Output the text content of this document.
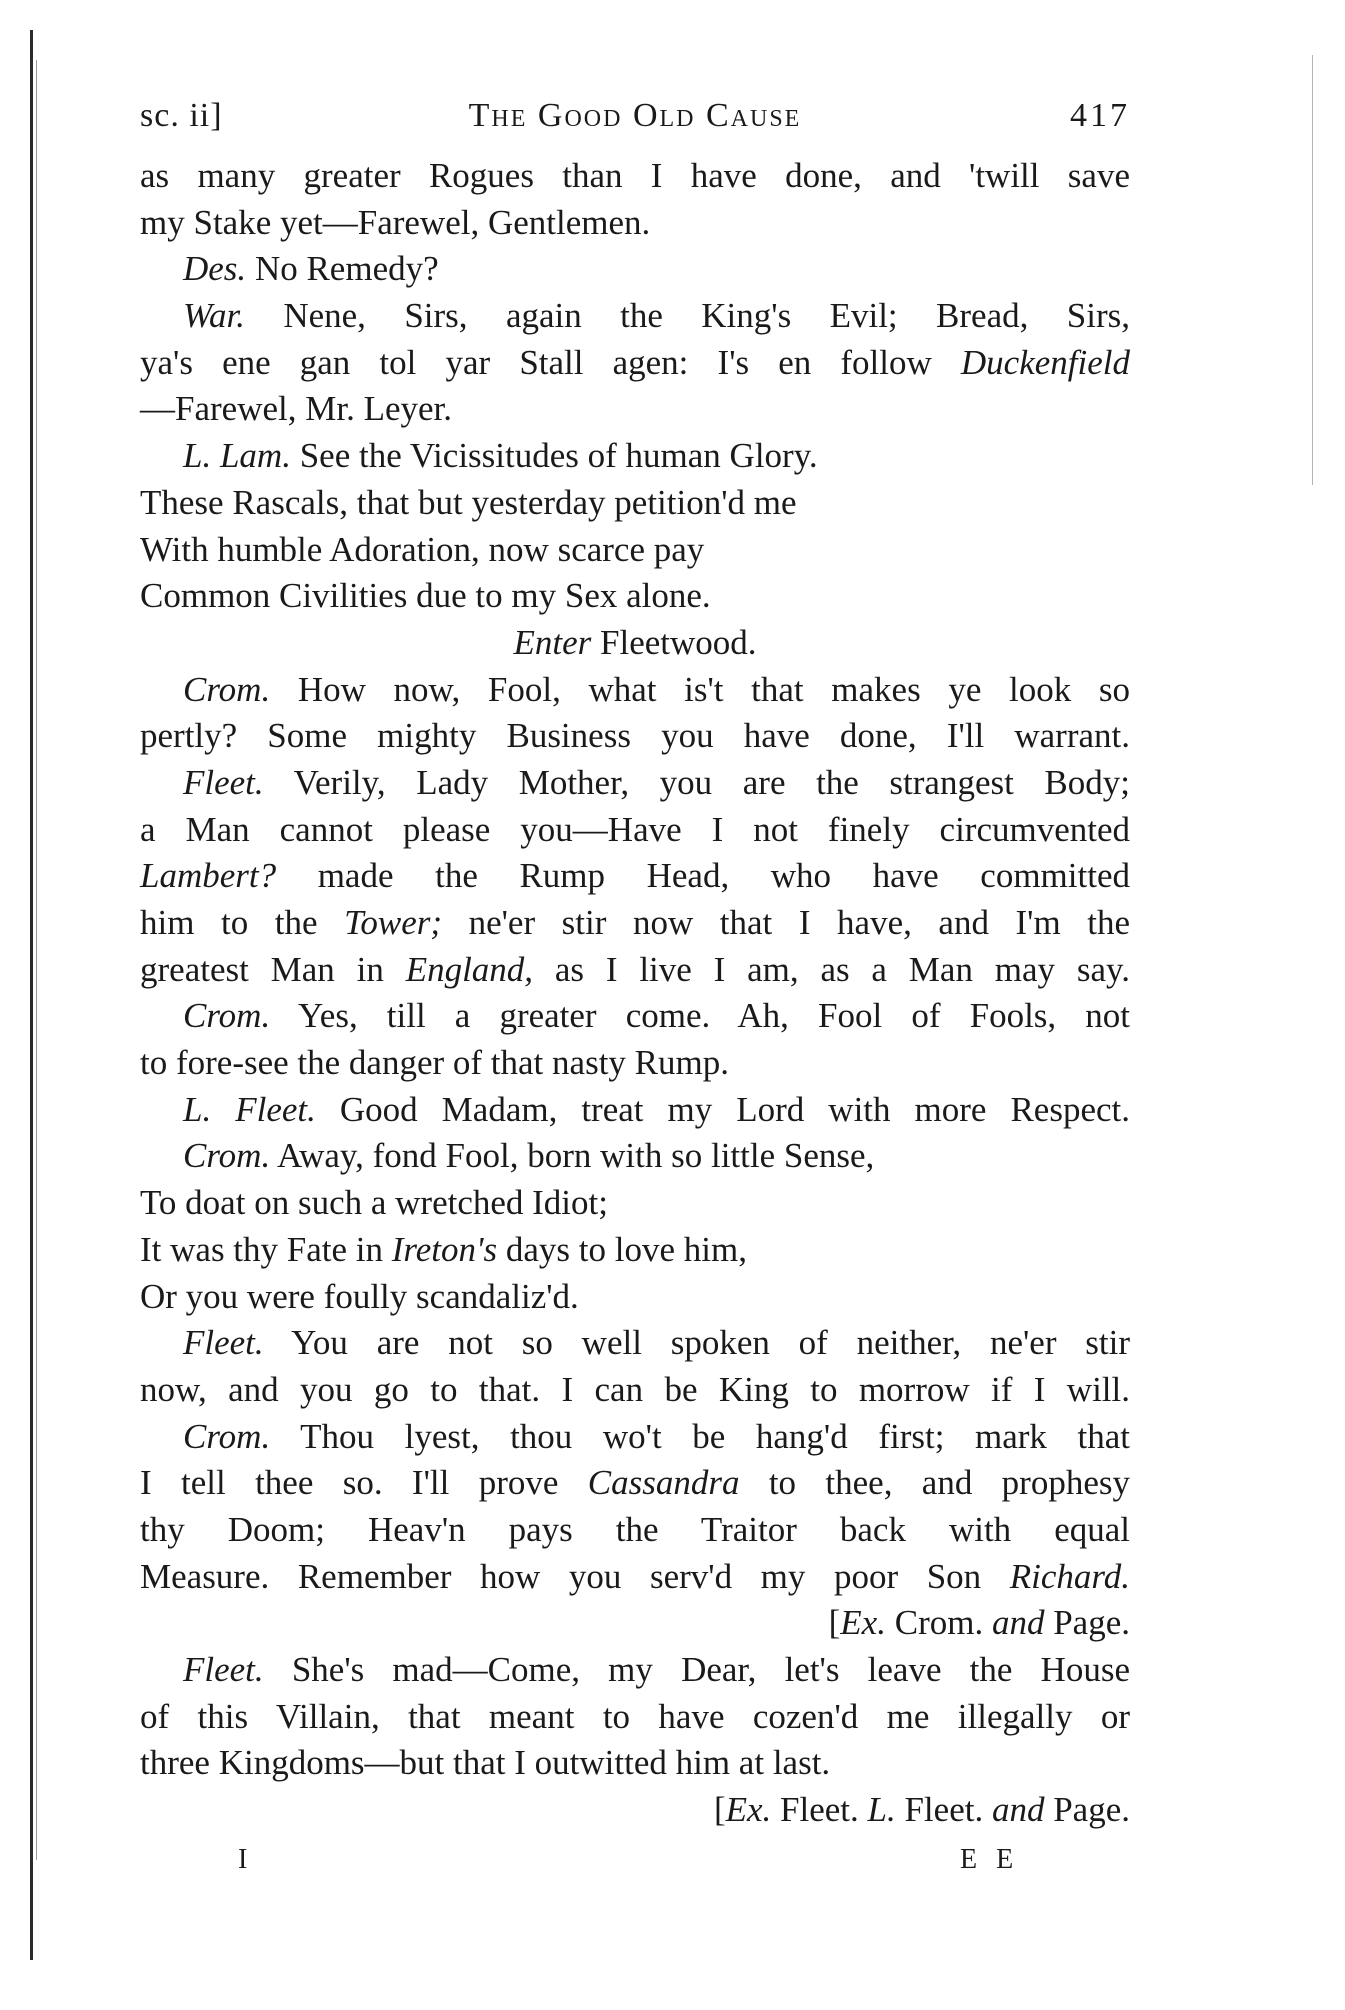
sc. ii]	The Good Old Cause	417
as many greater Rogues than I have done, and 'twill save
my Stake yet—Farewel, Gentlemen.
Des. No Remedy?
War. Nene, Sirs, again the King's Evil; Bread, Sirs,
ya's ene gan tol yar Stall agen: I's en follow Duckenfield
—Farewel, Mr. Leyer.
L. Lam. See the Vicissitudes of human Glory.
These Rascals, that but yesterday petition'd me
With humble Adoration, now scarce pay
Common Civilities due to my Sex alone.
Enter Fleetwood.
Crom. How now, Fool, what is't that makes ye look so
pertly? Some mighty Business you have done, I'll warrant.
Fleet. Verily, Lady Mother, you are the strangest Body;
a Man cannot please you—Have I not finely circumvented
Lambert? made the Rump Head, who have committed
him to the Tower; ne'er stir now that I have, and I'm the
greatest Man in England, as I live I am, as a Man may say.
Crom. Yes, till a greater come. Ah, Fool of Fools, not
to fore-see the danger of that nasty Rump.
L. Fleet. Good Madam, treat my Lord with more Respect.
Crom. Away, fond Fool, born with so little Sense,
To doat on such a wretched Idiot;
It was thy Fate in Ireton's days to love him,
Or you were foully scandaliz'd.
Fleet. You are not so well spoken of neither, ne'er stir
now, and you go to that. I can be King to morrow if I will.
Crom. Thou lyest, thou wo't be hang'd first; mark that
I tell thee so. I'll prove Cassandra to thee, and prophesy
thy Doom; Heav'n pays the Traitor back with equal
Measure. Remember how you serv'd my poor Son Richard.
[Ex. Crom. and Page.
Fleet. She's mad—Come, my Dear, let's leave the House
of this Villain, that meant to have cozen'd me illegally or
three Kingdoms—but that I outwitted him at last.
[Ex. Fleet. L. Fleet. and Page.
I	E E
